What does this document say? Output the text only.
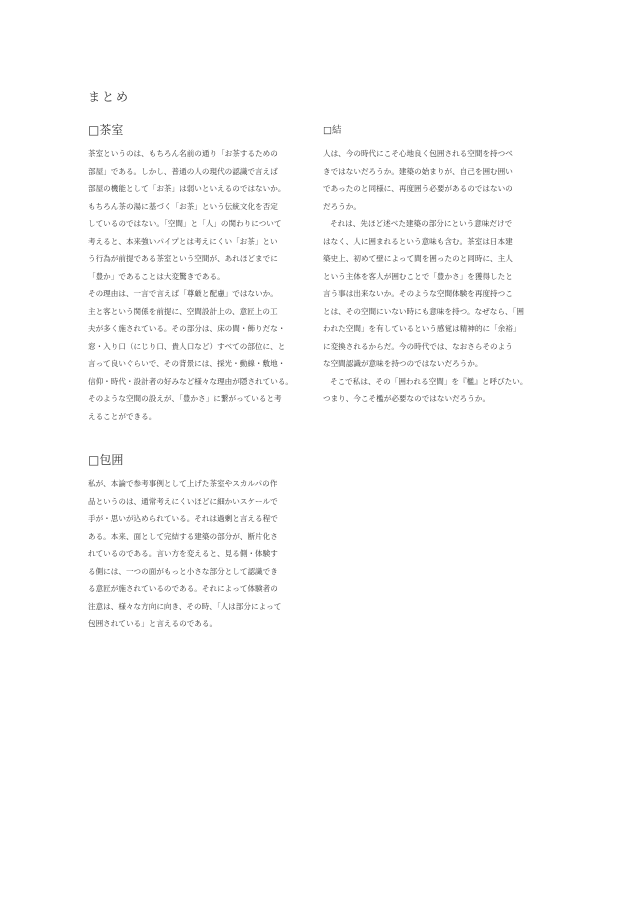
まとめ
□茶室
茶室というのは、もちろん名前の通り「お茶するための
部屋」である。しかし、普通の人の現代の認識で言えば
部屋の機能として「お茶」は弱いといえるのではないか。
もちろん茶の湯に基づく「お茶」という伝統文化を否定
しているのではない。「空間」と「人」の関わりについて
考えると、本来強いパイプとは考えにくい「お茶」とい
う行為が前提である茶室という空間が、あれほどまでに
「豊か」であることは大変驚きである。
その理由は、一言で言えば「尊厳と配慮」ではないか。
主と客という関係を前提に、空間設計上の、意匠上の工
夫が多く施されている。その部分は、床の間・飾りだな・
窓・入り口（にじり口、貴人口など）すべての部位に、と
言って良いぐらいで、その背景には、採光・動線・敷地・
信仰・時代・設計者の好みなど様々な理由が隠されている。
そのような空間の設えが、「豊かさ」に繋がっていると考
えることができる。
□包囲
私が、本論で参考事例として上げた茶室やスカルパの作
品というのは、通常考えにくいほどに細かいスケールで
手が・思いが込められている。それは過剰と言える程で
ある。本来、面として完結する建築の部分が、断片化さ
れているのである。言い方を変えると、見る側・体験す
る側には、一つの面がもっと小さな部分として認識でき
る意匠が施されているのである。それによって体験者の
注意は、様々な方向に向き、その時、「人は部分によって
包囲されている」と言えるのである。
□結
人は、今の時代にこそ心地良く包囲される空間を持つべ
きではないだろうか。建築の始まりが、自己を囲む囲い
であったのと同様に、再度囲う必要があるのではないの
だろうか。
それは、先ほど述べた建築の部分にという意味だけで
はなく、人に囲まれるという意味も含む。茶室は日本建
築史上、初めて壁によって間を囲ったのと同時に、主人
という主体を客人が囲むことで「豊かさ」を獲得したと
言う事は出来ないか。そのような空間体験を再度持つこ
とは、その空間にいない時にも意味を持つ。なぜなら、「囲
われた空間」を有しているという感覚は精神的に「余裕」
に変換されるからだ。今の時代では、なおさらそのよう
な空間認識が意味を持つのではないだろうか。
そこで私は、その「囲われる空間」を『檻』と呼びたい。
つまり、今こそ檻が必要なのではないだろうか。
